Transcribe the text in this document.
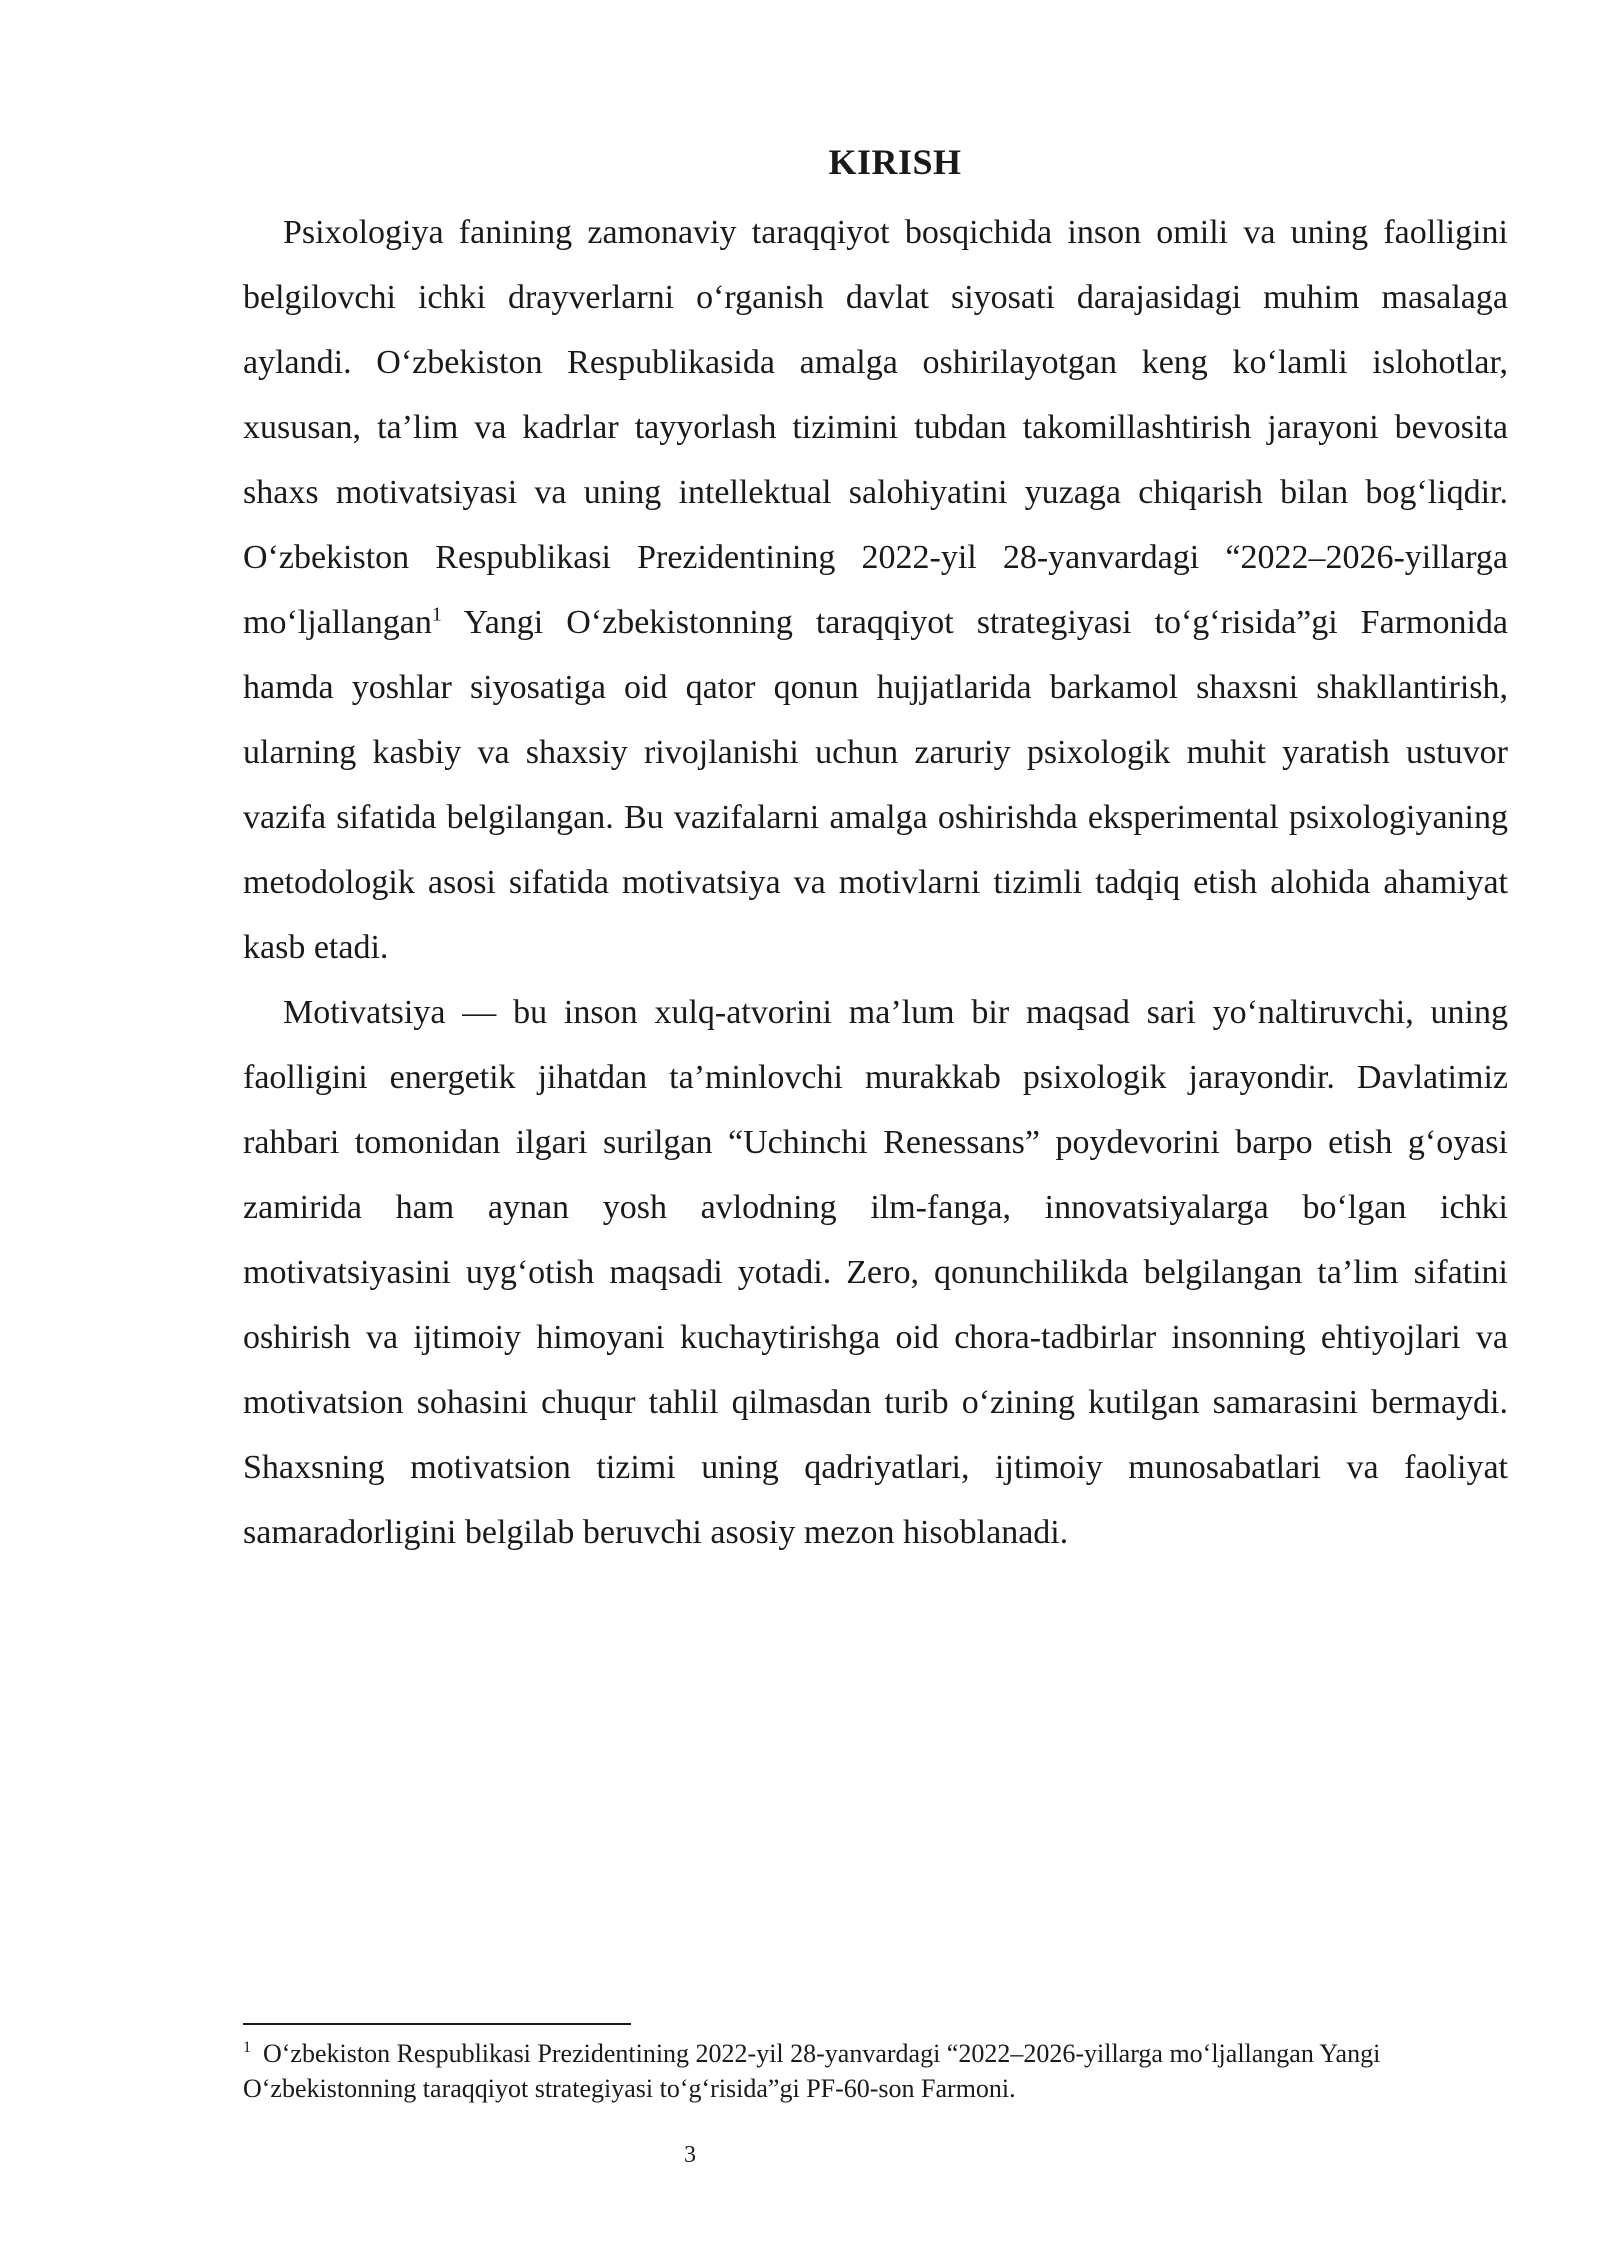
KIRISH

Psixologiya fanining zamonaviy taraqqiyot bosqichida inson omili va uning faolligini belgilovchi ichki drayverlarni o‘rganish davlat siyosati darajasidagi muhim masalaga aylandi. O‘zbekiston Respublikasida amalga oshirilayotgan keng ko‘lamli islohotlar, xususan, ta’lim va kadrlar tayyorlash tizimini tubdan takomillashtirish jarayoni bevosita shaxs motivatsiyasi va uning intellektual salohiyatini yuzaga chiqarish bilan bog‘liqdir. O‘zbekiston Respublikasi Prezidentining 2022-yil 28-yanvardagi “2022–2026-yillarga mo‘ljallangan$^1$ Yangi O‘zbekistonning taraqqiyot strategiyasi to‘g‘risida”gi Farmonida hamda yoshlar siyosatiga oid qator qonun hujjatlarida barkamol shaxsni shakllantirish, ularning kasbiy va shaxsiy rivojlanishi uchun zaruriy psixologik muhit yaratish ustuvor vazifa sifatida belgilangan. Bu vazifalarni amalga oshirishda eksperimental psixologiyaning metodologik asosi sifatida motivatsiya va motivlarni tizimli tadqiq etish alohida ahamiyat kasb etadi.

Motivatsiya — bu inson xulq-atvorini ma’lum bir maqsad sari yo‘naltiruvchi, uning faolligini energetik jihatdan ta’minlovchi murakkab psixologik jarayondir. Davlatimiz rahbari tomonidan ilgari surilgan “Uchinchi Renessans” poydevorini barpo etish g‘oyasi zamirida ham aynan yosh avlodning ilm-fanga, innovatsiyalarga bo‘lgan ichki motivatsiyasini uyg‘otish maqsadi yotadi. Zero, qonunchilikda belgilangan ta’lim sifatini oshirish va ijtimoiy himoyani kuchaytirishga oid chora-tadbirlar insonning ehtiyojlari va motivatsion sohasini chuqur tahlil qilmasdan turib o‘zining kutilgan samarasini bermaydi. Shaxsning motivatsion tizimi uning qadriyatlari, ijtimoiy munosabatlari va faoliyat samaradorligini belgilab beruvchi asosiy mezon hisoblanadi.

$^1$ O‘zbekiston Respublikasi Prezidentining 2022-yil 28-yanvardagi “2022–2026-yillarga mo‘ljallangan Yangi O‘zbekistonning taraqqiyot strategiyasi to‘g‘risida”gi PF-60-son Farmoni.
3
